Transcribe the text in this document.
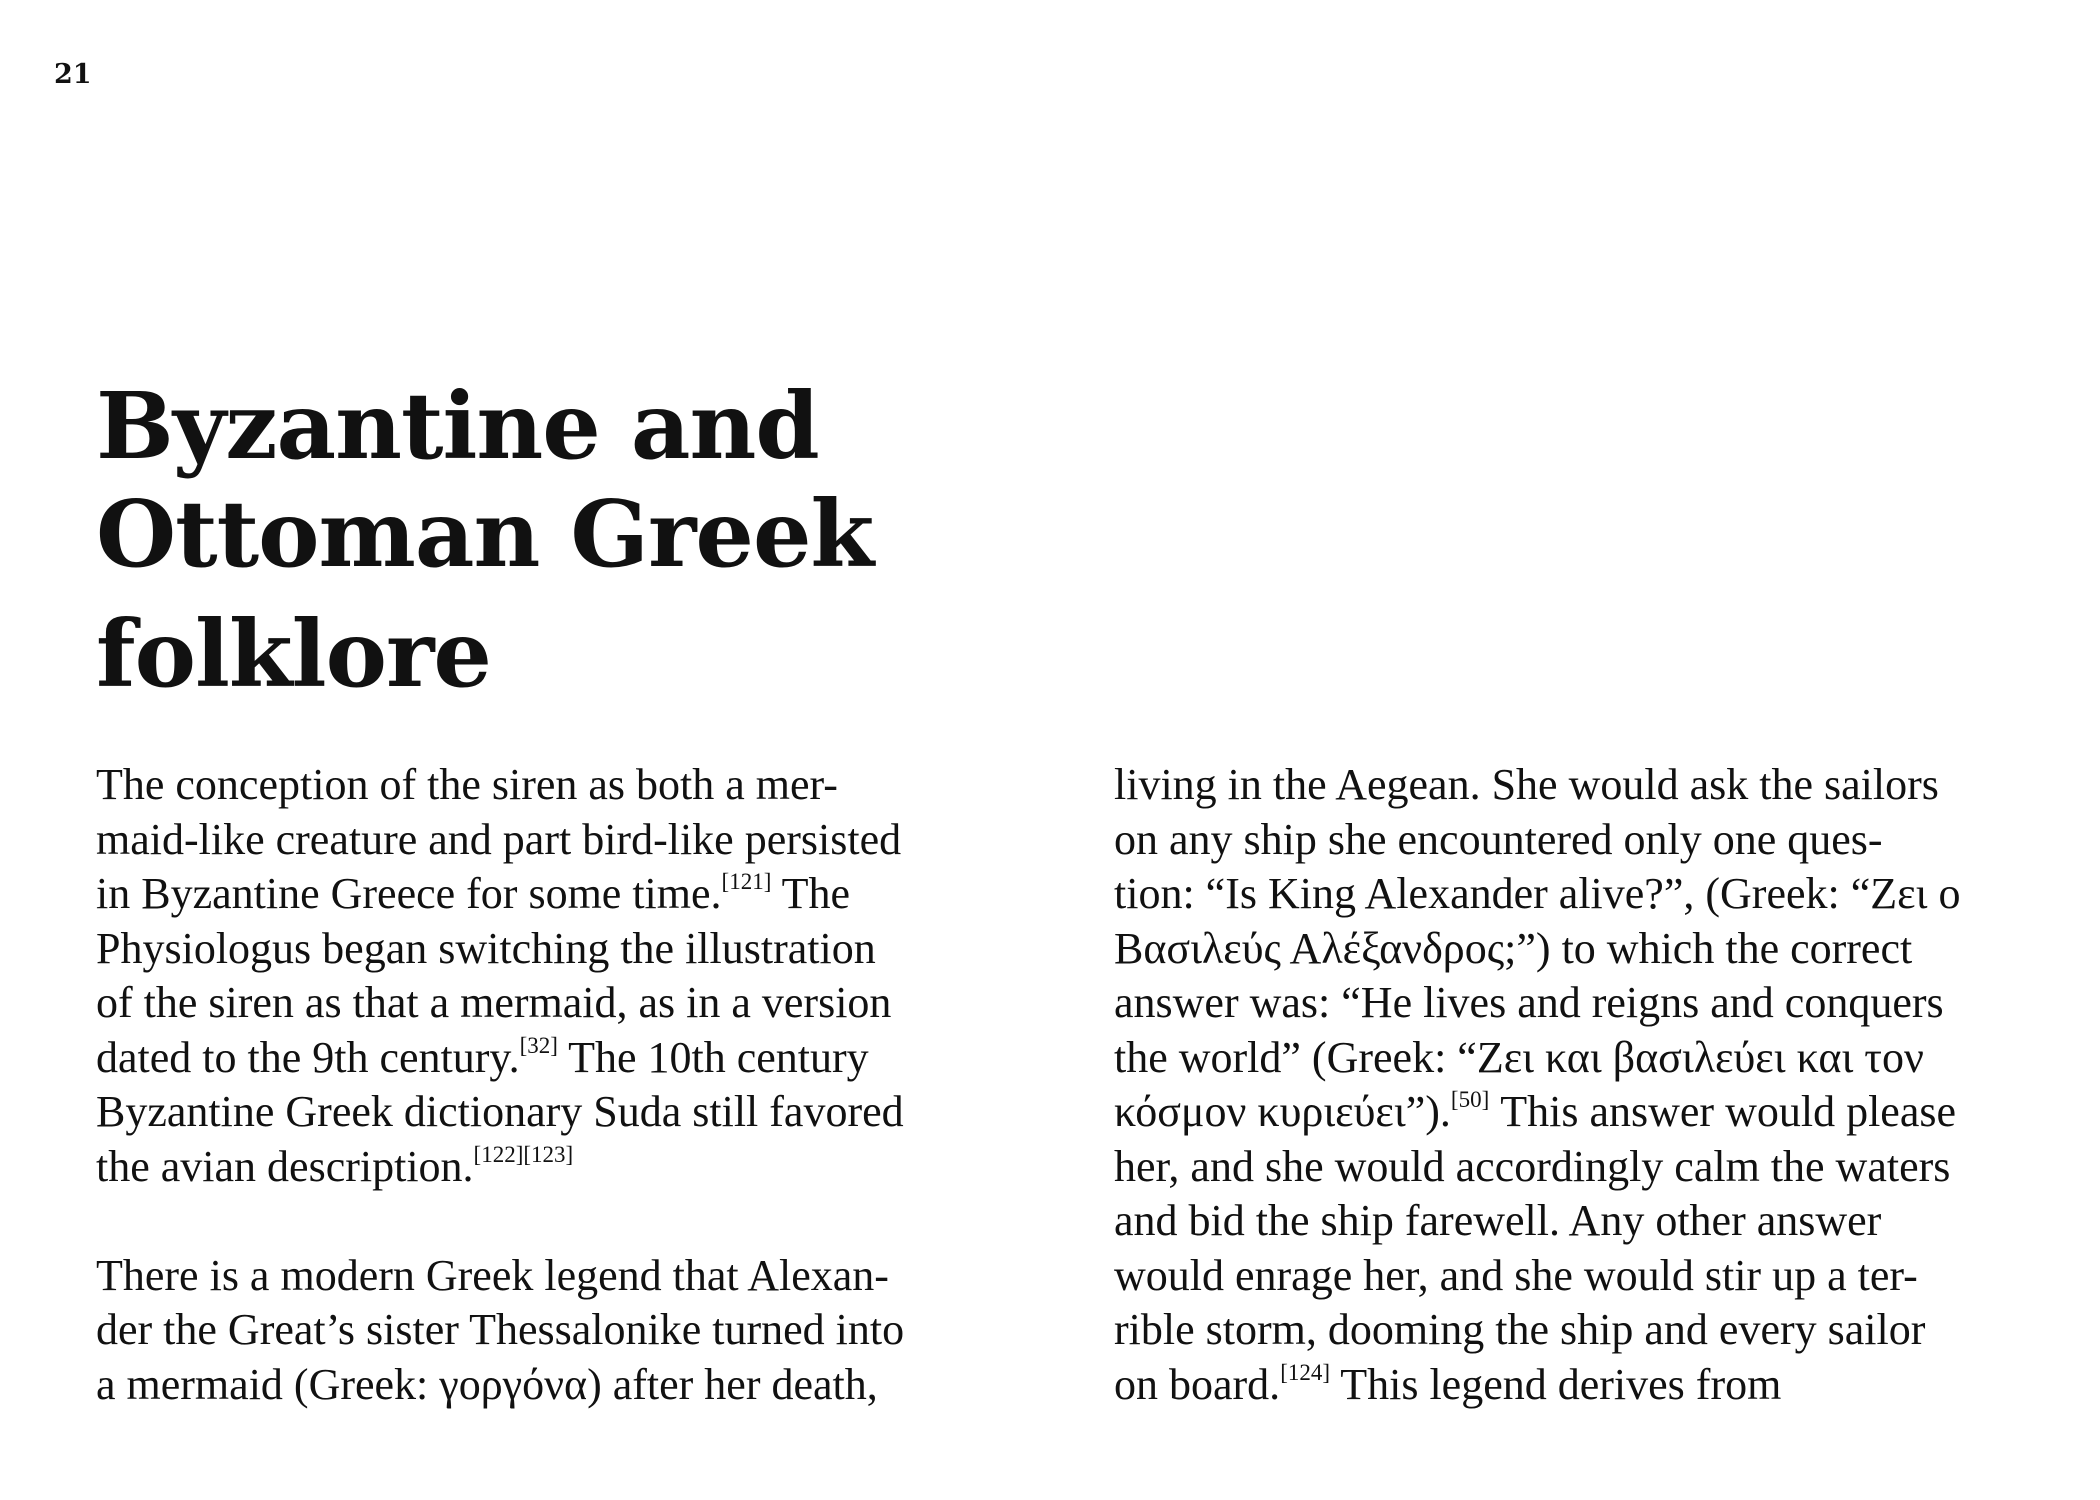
21
Byzantine and
Ottoman Greek
folklore
The conception of the siren as both a mer-
maid-like creature and part bird-like persisted
in Byzantine Greece for some time.[121] The
Physiologus began switching the illustration
of the siren as that a mermaid, as in a version
dated to the 9th century.[32] The 10th century
Byzantine Greek dictionary Suda still favored
the avian description.[122][123]
There is a modern Greek legend that Alexan-
der the Great’s sister Thessalonike turned into
a mermaid (Greek: γοργόνα) after her death,
living in the Aegean. She would ask the sailors
on any ship she encountered only one ques-
tion: “Is King Alexander alive?”, (Greek: “Ζει ο
Βασιλεύς Αλέξανδρος;”) to which the correct
answer was: “He lives and reigns and conquers
the world” (Greek: “Ζει και βασιλεύει και τον
κόσμον κυριεύει”).[50] This answer would please
her, and she would accordingly calm the waters
and bid the ship farewell. Any other answer
would enrage her, and she would stir up a ter-
rible storm, dooming the ship and every sailor
on board.[124] This legend derives from
